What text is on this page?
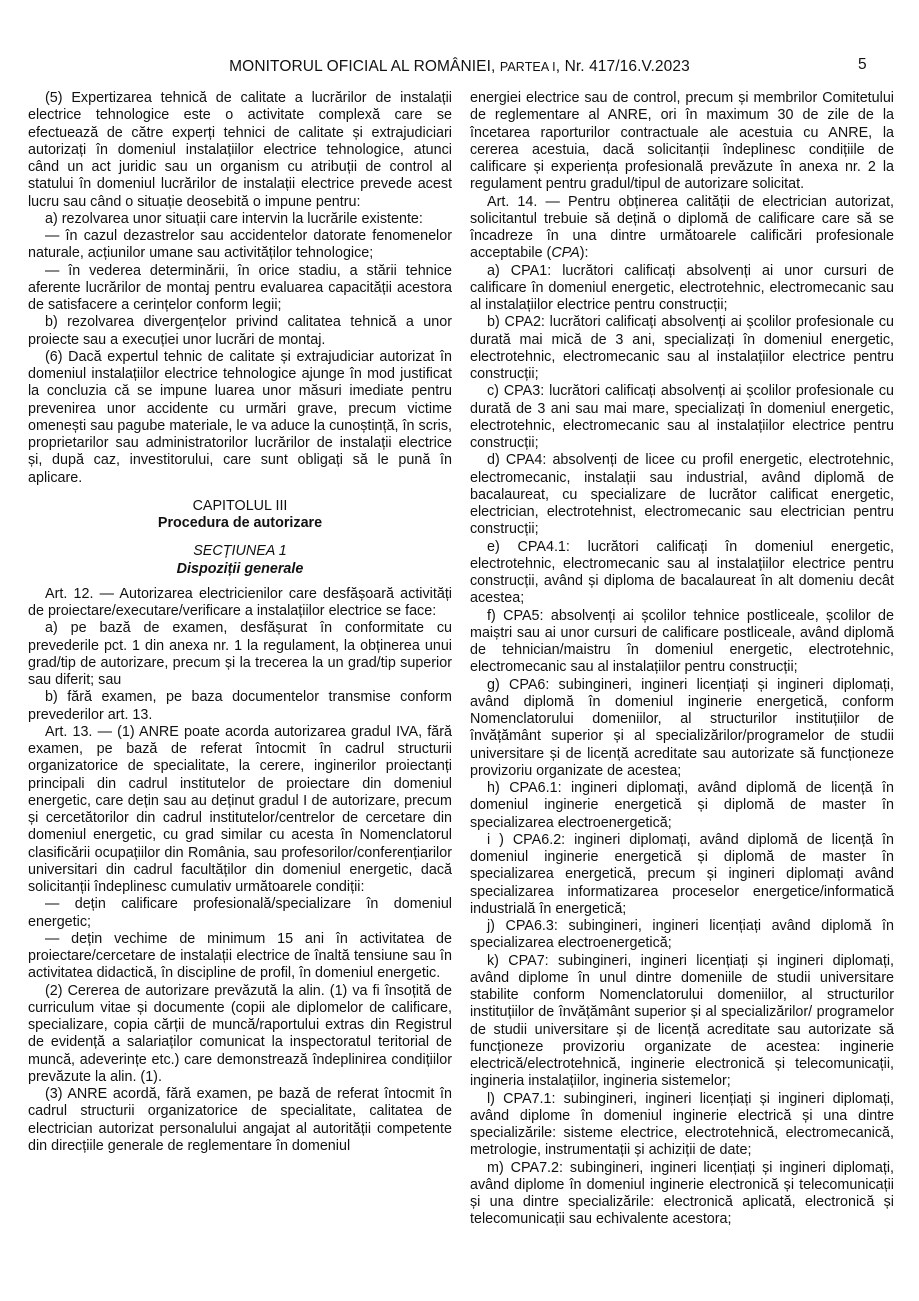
MONITORUL OFICIAL AL ROMÂNIEI, PARTEA I, Nr. 417/16.V.2023	5

(5) Expertizarea tehnică de calitate a lucrărilor de instalații electrice tehnologice este o activitate complexă care se efectuează de către experți tehnici de calitate și extrajudiciari autorizați în domeniul instalațiilor electrice tehnologice, atunci când un act juridic sau un organism cu atribuții de control al statului în domeniul lucrărilor de instalații electrice prevede acest lucru sau când o situație deosebită o impune pentru:

a) rezolvarea unor situații care intervin la lucrările existente:

— în cazul dezastrelor sau accidentelor datorate fenomenelor naturale, acțiunilor umane sau activităților tehnologice;

— în vederea determinării, în orice stadiu, a stării tehnice aferente lucrărilor de montaj pentru evaluarea capacității acestora de satisfacere a cerințelor conform legii;

b) rezolvarea divergențelor privind calitatea tehnică a unor proiecte sau a execuției unor lucrări de montaj.

(6) Dacă expertul tehnic de calitate și extrajudiciar autorizat în domeniul instalațiilor electrice tehnologice ajunge în mod justificat la concluzia că se impune luarea unor măsuri imediate pentru prevenirea unor accidente cu urmări grave, precum victime omenești sau pagube materiale, le va aduce la cunoștință, în scris, proprietarilor sau administratorilor lucrărilor de instalații electrice și, după caz, investitorului, care sunt obligați să le pună în aplicare.

CAPITOLUL III
Procedura de autorizare
SECȚIUNEA 1
Dispoziții generale

Art. 12. — Autorizarea electricienilor care desfășoară activități de proiectare/executare/verificare a instalațiilor electrice se face:

a) pe bază de examen, desfășurat în conformitate cu prevederile pct. 1 din anexa nr. 1 la regulament, la obținerea unui grad/tip de autorizare, precum și la trecerea la un grad/tip superior sau diferit; sau

b) fără examen, pe baza documentelor transmise conform prevederilor art. 13.

Art. 13. — (1) ANRE poate acorda autorizarea gradul IVA, fără examen, pe bază de referat întocmit în cadrul structurii organizatorice de specialitate, la cerere, inginerilor proiectanți principali din cadrul institutelor de proiectare din domeniul energetic, care dețin sau au deținut gradul I de autorizare, precum și cercetătorilor din cadrul institutelor/centrelor de cercetare din domeniul energetic, cu grad similar cu acesta în Nomenclatorul clasificării ocupațiilor din România, sau profesorilor/conferențiarilor universitari din cadrul facultăților din domeniul energetic, dacă solicitanții îndeplinesc cumulativ următoarele condiții:

— dețin calificare profesională/specializare în domeniul energetic;

— dețin vechime de minimum 15 ani în activitatea de proiectare/cercetare de instalații electrice de înaltă tensiune sau în activitatea didactică, în discipline de profil, în domeniul energetic.

(2) Cererea de autorizare prevăzută la alin. (1) va fi însoțită de curriculum vitae și documente (copii ale diplomelor de calificare, specializare, copia cărții de muncă/raportului extras din Registrul de evidență a salariaților comunicat la inspectoratul teritorial de muncă, adeverințe etc.) care demonstrează îndeplinirea condițiilor prevăzute la alin. (1).

(3) ANRE acordă, fără examen, pe bază de referat întocmit în cadrul structurii organizatorice de specialitate, calitatea de electrician autorizat personalului angajat al autorității competente din direcțiile generale de reglementare în domeniul

energiei electrice sau de control, precum și membrilor Comitetului de reglementare al ANRE, ori în maximum 30 de zile de la încetarea raporturilor contractuale ale acestuia cu ANRE, la cererea acestuia, dacă solicitanții îndeplinesc condițiile de calificare și experiența profesională prevăzute în anexa nr. 2 la regulament pentru gradul/tipul de autorizare solicitat.

Art. 14. — Pentru obținerea calității de electrician autorizat, solicitantul trebuie să dețină o diplomă de calificare care să se încadreze în una dintre următoarele calificări profesionale acceptabile (CPA):

a) CPA1: lucrători calificați absolvenți ai unor cursuri de calificare în domeniul energetic, electrotehnic, electromecanic sau al instalațiilor electrice pentru construcții;

b) CPA2: lucrători calificați absolvenți ai școlilor profesionale cu durată mai mică de 3 ani, specializați în domeniul energetic, electrotehnic, electromecanic sau al instalațiilor electrice pentru construcții;

c) CPA3: lucrători calificați absolvenți ai școlilor profesionale cu durată de 3 ani sau mai mare, specializați în domeniul energetic, electrotehnic, electromecanic sau al instalațiilor electrice pentru construcții;

d) CPA4: absolvenți de licee cu profil energetic, electrotehnic, electromecanic, instalații sau industrial, având diplomă de bacalaureat, cu specializare de lucrător calificat energetic, electrician, electrotehnist, electromecanic sau electrician pentru construcții;

e) CPA4.1: lucrători calificați în domeniul energetic, electrotehnic, electromecanic sau al instalațiilor electrice pentru construcții, având și diploma de bacalaureat în alt domeniu decât acestea;

f) CPA5: absolvenți ai școlilor tehnice postliceale, școlilor de maiștri sau ai unor cursuri de calificare postliceale, având diplomă de tehnician/maistru în domeniul energetic, electrotehnic, electromecanic sau al instalațiilor pentru construcții;

g) CPA6: subingineri, ingineri licențiați și ingineri diplomați, având diplomă în domeniul inginerie energetică, conform Nomenclatorului domeniilor, al structurilor instituțiilor de învățământ superior și al specializărilor/programelor de studii universitare și de licență acreditate sau autorizate să funcționeze provizoriu organizate de acestea;

h) CPA6.1: ingineri diplomați, având diplomă de licență în domeniul inginerie energetică și diplomă de master în specializarea electroenergetică;

i ) CPA6.2: ingineri diplomați, având diplomă de licență în domeniul inginerie energetică și diplomă de master în specializarea energetică, precum și ingineri diplomați având specializarea informatizarea proceselor energetice/informatică industrială în energetică;

j) CPA6.3: subingineri, ingineri licențiați având diplomă în specializarea electroenergetică;

k) CPA7: subingineri, ingineri licențiați și ingineri diplomați, având diplome în unul dintre domeniile de studii universitare stabilite conform Nomenclatorului domeniilor, al structurilor instituțiilor de învățământ superior și al specializărilor/ programelor de studii universitare și de licență acreditate sau autorizate să funcționeze provizoriu organizate de acestea: inginerie electrică/electrotehnică, inginerie electronică și telecomunicații, ingineria instalațiilor, ingineria sistemelor;

l) CPA7.1: subingineri, ingineri licențiați și ingineri diplomați, având diplome în domeniul inginerie electrică și una dintre specializările: sisteme electrice, electrotehnică, electromecanică, metrologie, instrumentații și achiziții de date;

m) CPA7.2: subingineri, ingineri licențiați și ingineri diplomați, având diplome în domeniul inginerie electronică și telecomunicații și una dintre specializările: electronică aplicată, electronică și telecomunicații sau echivalente acestora;
